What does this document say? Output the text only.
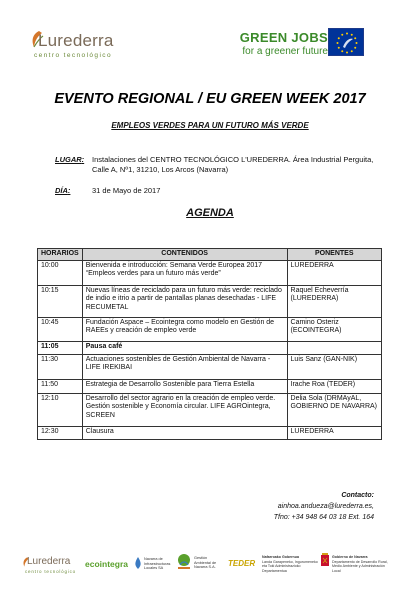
Lurederra
centro tecnológico
GREEN JOBS
for a greener future
EVENTO REGIONAL / EU GREEN WEEK 2017
EMPLEOS VERDES PARA UN FUTURO MÁS VERDE
LUGAR: Instalaciones del CENTRO TECNOLÓGICO L'UREDERRA. Área Industrial Perguita, Calle A, Nº1, 31210, Los Arcos (Navarra)
DÍA:	31 de Mayo de 2017
AGENDA
HORARIOS	CONTENIDOS	PONENTES
10:00	Bienvenida e introducción: Semana Verde Europea 2017 “Empleos verdes para un futuro más verde”	LUREDERRA
10:15	Nuevas líneas de reciclado para un futuro más verde: reciclado de indio e itrio a partir de pantallas planas desechadas - LIFE RECUMETAL	Raquel Echeverría (LUREDERRA)
10:45	Fundación Aspace – Ecointegra como modelo en Gestión de RAEEs y creación de empleo verde	Camino Osteriz (ECOINTEGRA)
11:05	Pausa café	
11:30	Actuaciones sostenibles de Gestión Ambiental de Navarra - LIFE IREKIBAI	Luis Sanz (GAN-NIK)
11:50	Estrategia de Desarrollo Sostenible para Tierra Estella	Irache Roa (TEDER)
12:10	Desarrollo del sector agrario en la creación de empleo verde. Gestión sostenible y Economía circular. LIFE AGROintegra, SCREEN	Delia Sola (DRMAyAL, GOBIERNO DE NAVARRA)
12:30	Clausura	LUREDERRA
Contacto:
ainhoa.andueza@lurederra.es,
Tfno: +34 948 64 03 18 Ext. 164
Lurederra
centro tecnológico
ecointegra	Navarra de
Infraestructuras
Locales SA
Gestión
Ambiental de
Navarra S.A. TEDER
Nafarroako Gobernua
Landa Garapeneko, Ingurumeneko
eta Toki Administrazioko Departamentua
Gobierno de Navarra
Departamento de Desarrollo Rural,
Medio Ambiente y Administración Local
